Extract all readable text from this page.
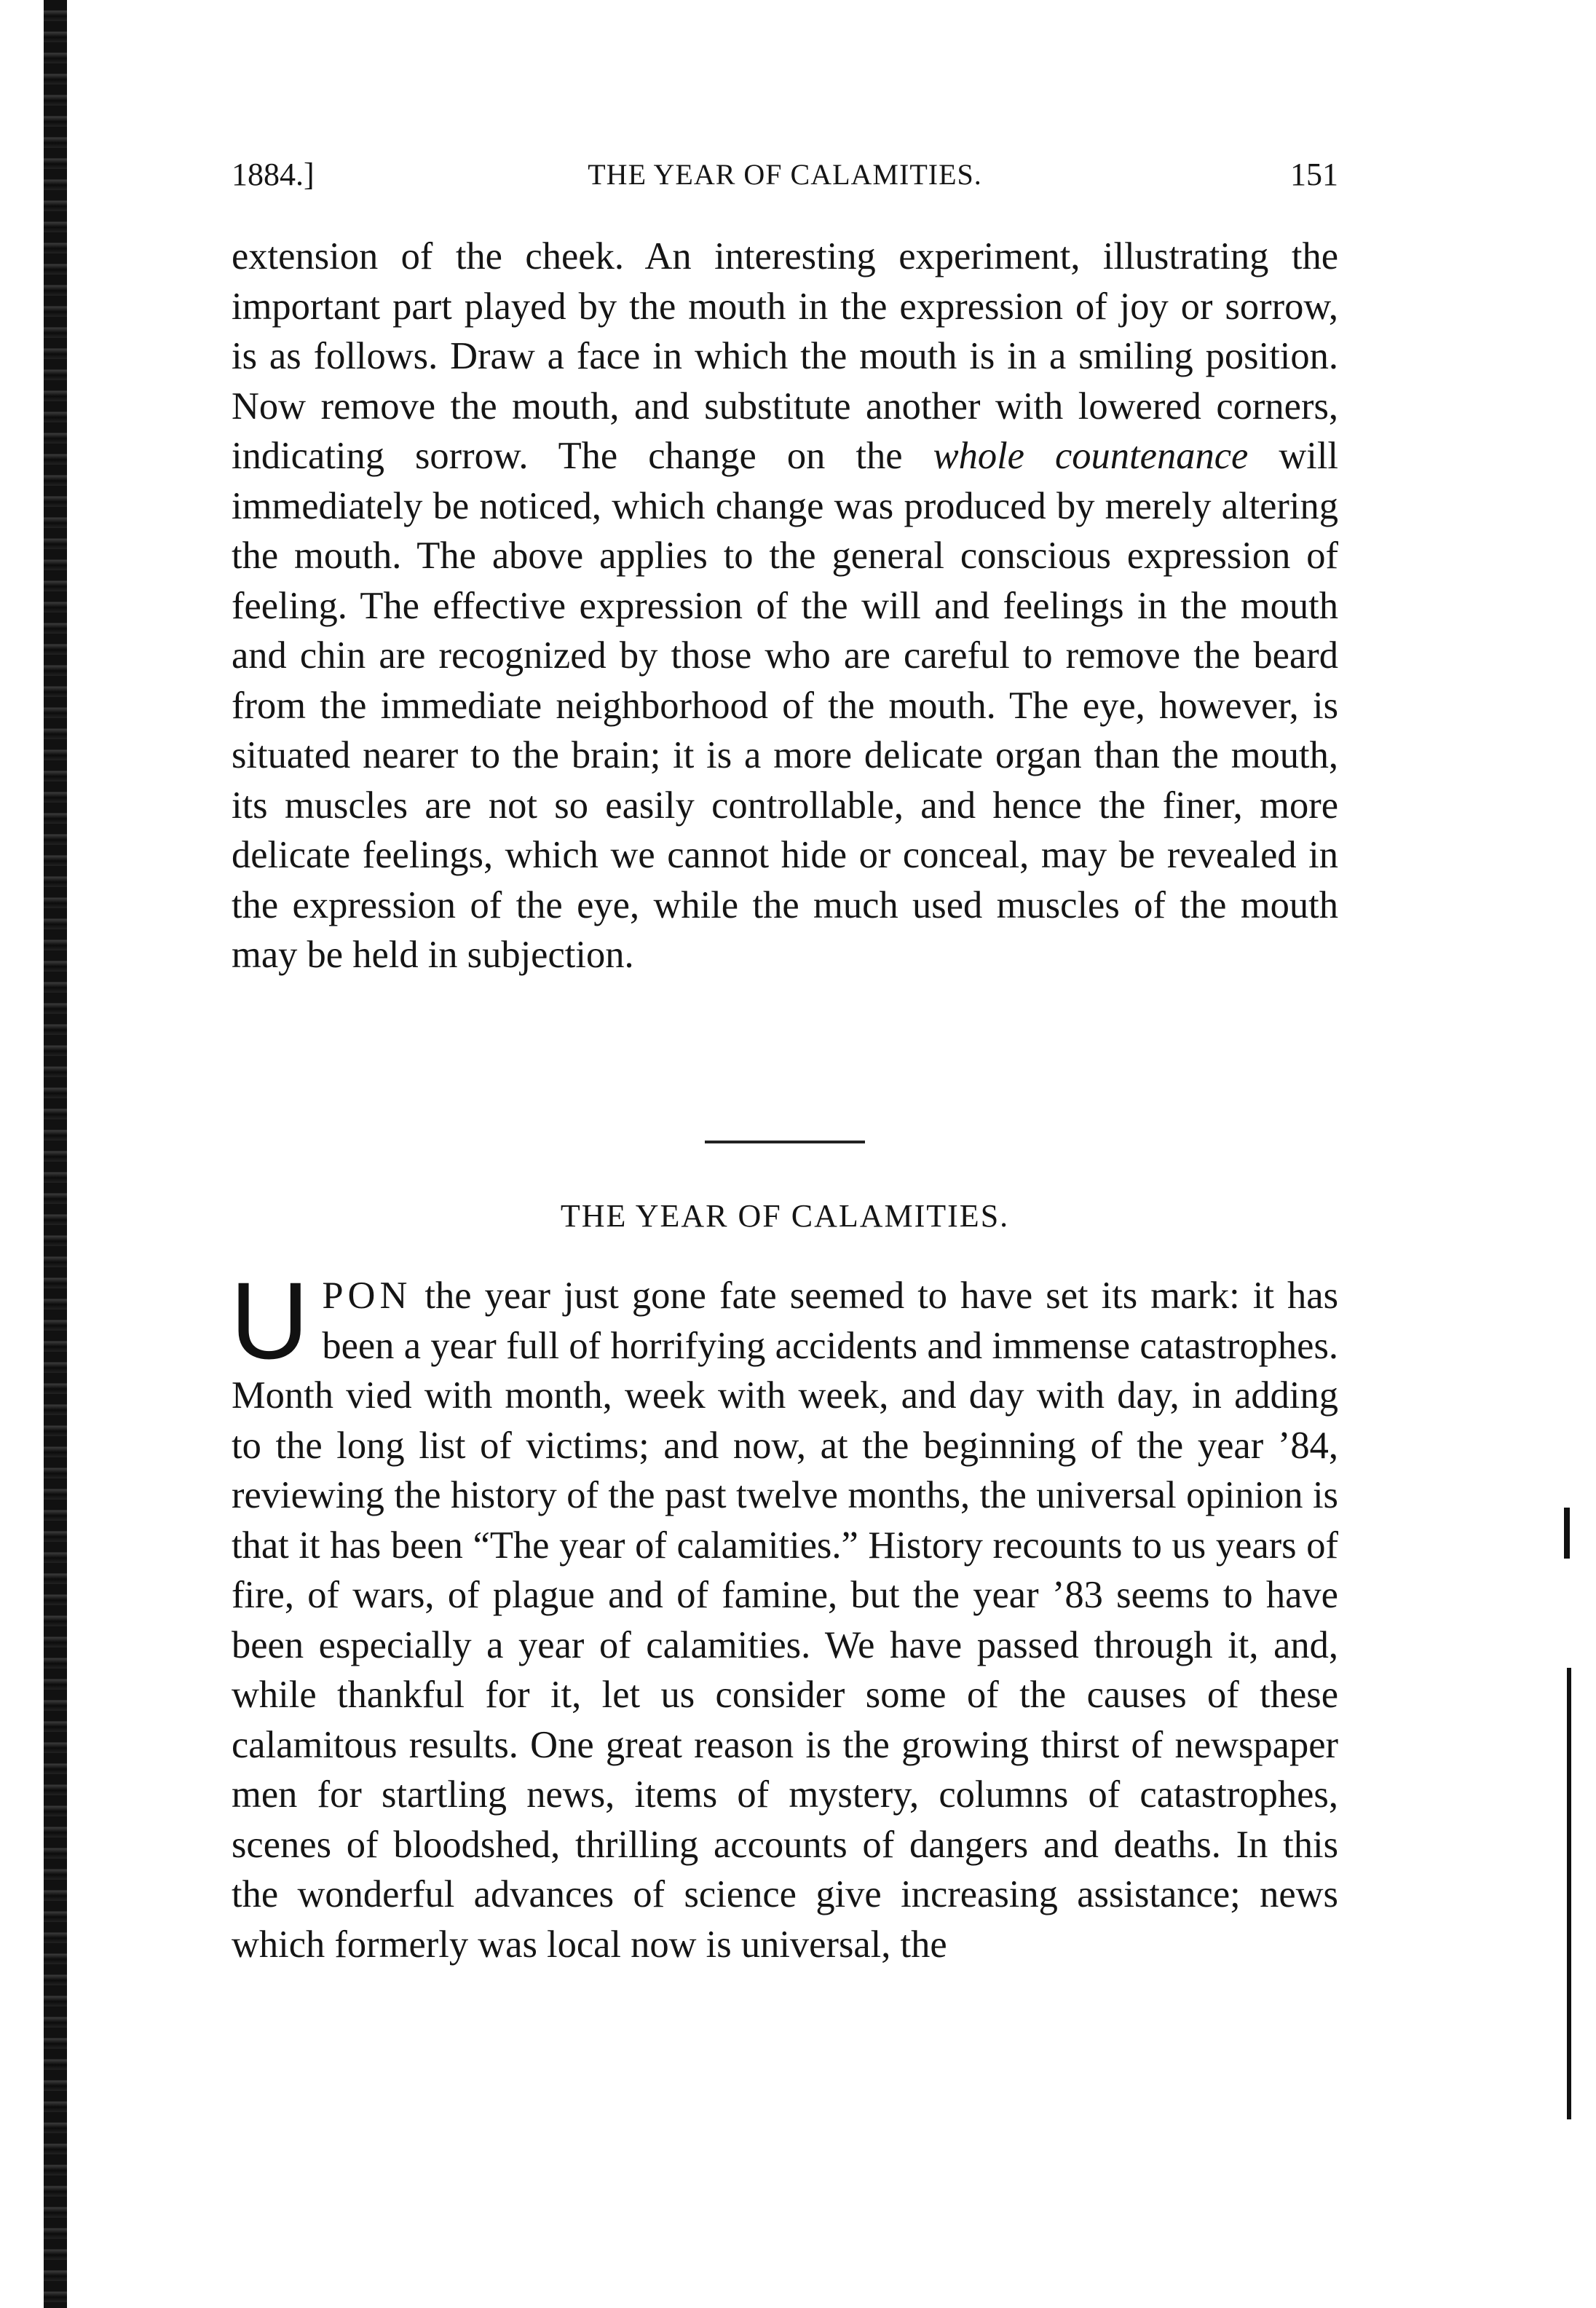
1884.]	THE YEAR OF CALAMITIES.	151

extension of the cheek. An interesting experiment, illustrating the important part played by the mouth in the expression of joy or sorrow, is as follows. Draw a face in which the mouth is in a smiling position. Now remove the mouth, and substitute another with lowered corners, indicating sorrow. The change on the whole countenance will immediately be noticed, which change was produced by merely altering the mouth. The above applies to the general conscious expression of feeling. The effective expression of the will and feelings in the mouth and chin are recognized by those who are careful to remove the beard from the immediate neighborhood of the mouth. The eye, however, is situated nearer to the brain; it is a more delicate organ than the mouth, its muscles are not so easily controllable, and hence the finer, more delicate feelings, which we cannot hide or conceal, may be revealed in the expression of the eye, while the much used muscles of the mouth may be held in subjection.

THE YEAR OF CALAMITIES.

UPON the year just gone fate seemed to have set its mark: it has been a year full of horrifying accidents and immense catastrophes. Month vied with month, week with week, and day with day, in adding to the long list of victims; and now, at the beginning of the year ’84, reviewing the history of the past twelve months, the universal opinion is that it has been “The year of calamities.” History recounts to us years of fire, of wars, of plague and of famine, but the year ’83 seems to have been especially a year of calamities. We have passed through it, and, while thankful for it, let us consider some of the causes of these calamitous results. One great reason is the growing thirst of newspaper men for startling news, items of mystery, columns of catastrophes, scenes of bloodshed, thrilling accounts of dangers and deaths. In this the wonderful advances of science give increasing assistance; news which formerly was local now is universal, the
